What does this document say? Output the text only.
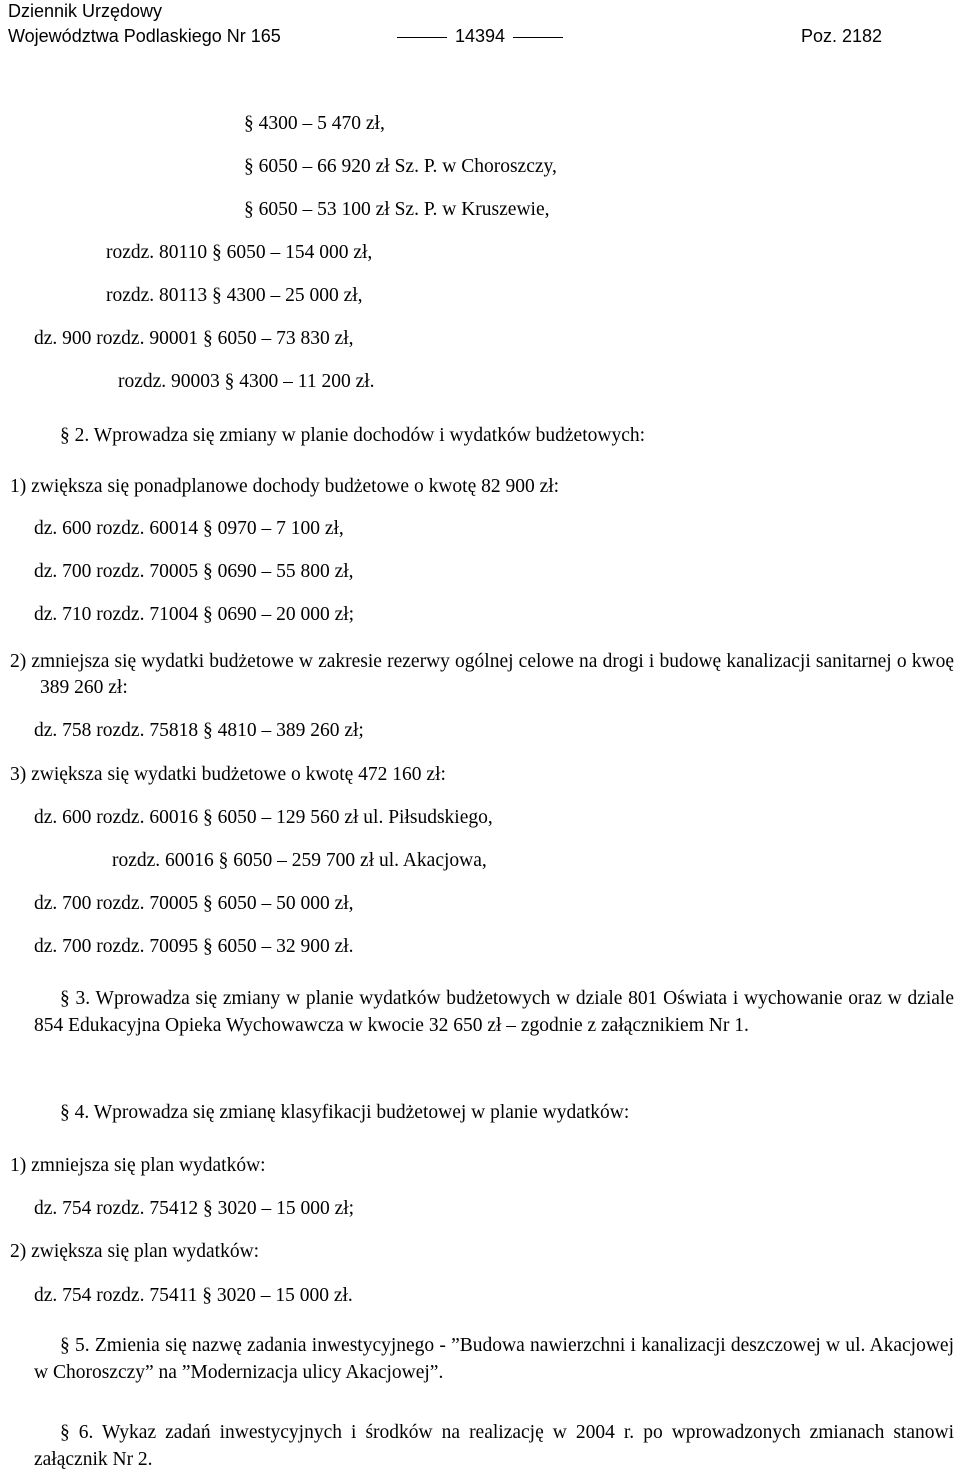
Dziennik Urzędowy
Województwa Podlaskiego Nr 165	14394	Poz. 2182
§ 4300 – 5 470 zł,
§ 6050 – 66 920 zł Sz. P. w Choroszczy,
§ 6050 – 53 100 zł Sz. P. w Kruszewie,
rozdz. 80110 § 6050 – 154 000 zł,
rozdz. 80113 § 4300 – 25 000 zł,
dz. 900 rozdz. 90001 § 6050 – 73 830 zł,
rozdz. 90003 § 4300 – 11 200 zł.
§ 2. Wprowadza się zmiany w planie dochodów i wydatków budżetowych:
1) zwiększa się ponadplanowe dochody budżetowe o kwotę 82 900 zł:
dz. 600 rozdz. 60014 § 0970 – 7 100 zł,
dz. 700 rozdz. 70005 § 0690 – 55 800 zł,
dz. 710 rozdz. 71004 § 0690 – 20 000 zł;
2) zmniejsza się wydatki budżetowe w zakresie rezerwy ogólnej celowe na drogi i budowę kanalizacji sanitarnej o kwoę 389 260 zł:
dz. 758 rozdz. 75818 § 4810 – 389 260 zł;
3) zwiększa się wydatki budżetowe o kwotę 472 160 zł:
dz. 600 rozdz. 60016 § 6050 – 129 560 zł ul. Piłsudskiego,
rozdz. 60016 § 6050 – 259 700 zł ul. Akacjowa,
dz. 700 rozdz. 70005 § 6050 – 50 000 zł,
dz. 700 rozdz. 70095 § 6050 – 32 900 zł.
§ 3. Wprowadza się zmiany w planie wydatków budżetowych w dziale 801 Oświata i wychowanie oraz w dziale 854 Edukacyjna Opieka Wychowawcza w kwocie 32 650 zł – zgodnie z załącznikiem Nr 1.
§ 4. Wprowadza się zmianę klasyfikacji budżetowej w planie wydatków:
1) zmniejsza się plan wydatków:
dz. 754 rozdz. 75412 § 3020 – 15 000 zł;
2) zwiększa się plan wydatków:
dz. 754 rozdz. 75411 § 3020 – 15 000 zł.
§ 5. Zmienia się nazwę zadania inwestycyjnego - ”Budowa nawierzchni i kanalizacji deszczowej w ul. Akacjowej w Choroszczy” na ”Modernizacja ulicy Akacjowej”.
§ 6. Wykaz zadań inwestycyjnych i środków na realizację w 2004 r. po wprowadzonych zmianach stanowi załącznik Nr 2.
